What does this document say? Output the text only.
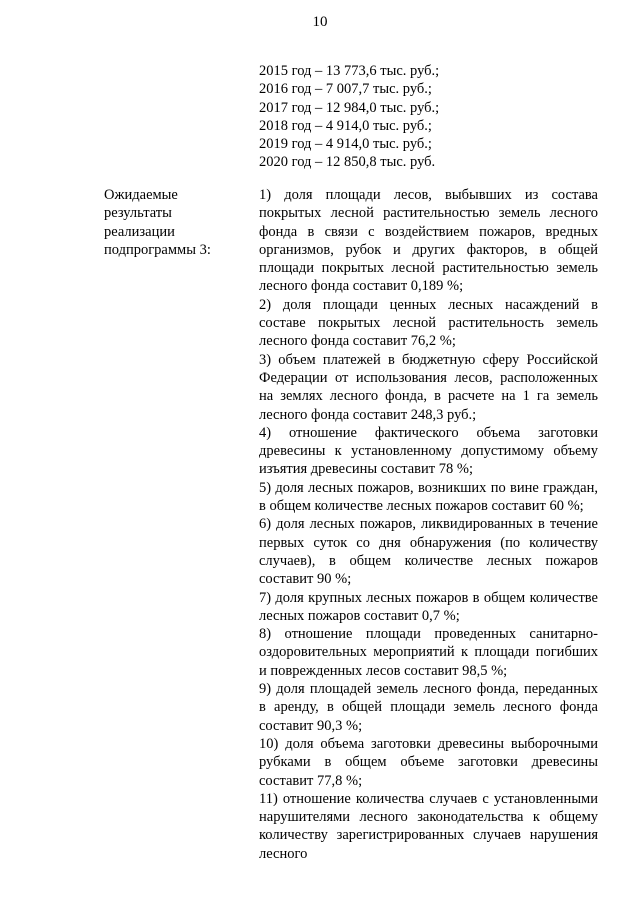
10
2015 год – 13 773,6 тыс. руб.;
2016 год – 7 007,7 тыс. руб.;
2017 год – 12 984,0 тыс. руб.;
2018 год – 4 914,0 тыс. руб.;
2019 год – 4 914,0 тыс. руб.;
2020 год – 12 850,8 тыс. руб.
Ожидаемые
результаты
реализации
подпрограммы 3:

1) доля площади лесов, выбывших из состава покрытых лесной растительностью земель лесного фонда в связи с воздействием пожаров, вредных организмов, рубок и других факторов, в общей площади покрытых лесной растительностью земель лесного фонда составит 0,189 %;

2) доля площади ценных лесных насаждений в составе покрытых лесной растительность земель лесного фонда составит 76,2 %;

3) объем платежей в бюджетную сферу Российской Федерации от использования лесов, расположенных на землях лесного фонда, в расчете на 1 га земель лесного фонда составит 248,3 руб.;

4) отношение фактического объема заготовки древесины к установленному допустимому объему изъятия древесины составит 78 %;

5) доля лесных пожаров, возникших по вине граждан, в общем количестве лесных пожаров составит 60 %;

6) доля лесных пожаров, ликвидированных в течение первых суток со дня обнаружения (по количеству случаев), в общем количестве лесных пожаров составит 90 %;

7) доля крупных лесных пожаров в общем количестве лесных пожаров составит 0,7 %;

8) отношение площади проведенных санитарно-оздоровительных мероприятий к площади погибших и поврежденных лесов составит 98,5 %;

9) доля площадей земель лесного фонда, переданных в аренду, в общей площади земель лесного фонда составит 90,3 %;

10) доля объема заготовки древесины выборочными рубками в общем объеме заготовки древесины составит 77,8 %;

11) отношение количества случаев с установленными нарушителями лесного законодательства к общему количеству зарегистрированных случаев нарушения лесного
